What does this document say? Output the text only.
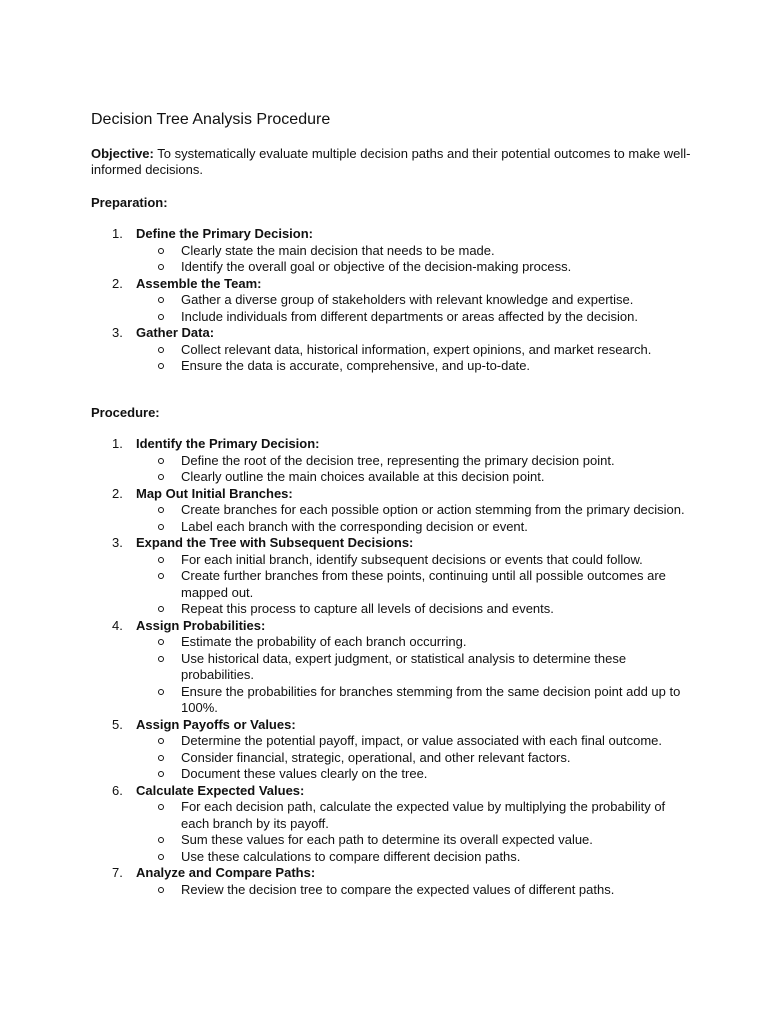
Decision Tree Analysis Procedure

Objective: To systematically evaluate multiple decision paths and their potential outcomes to make well-informed decisions.

Preparation:

1. Define the Primary Decision:
Clearly state the main decision that needs to be made.
Identify the overall goal or objective of the decision-making process.
2. Assemble the Team:
Gather a diverse group of stakeholders with relevant knowledge and expertise.
Include individuals from different departments or areas affected by the decision.
3. Gather Data:
Collect relevant data, historical information, expert opinions, and market research.
Ensure the data is accurate, comprehensive, and up-to-date.

Procedure:

1. Identify the Primary Decision:
Define the root of the decision tree, representing the primary decision point.
Clearly outline the main choices available at this decision point.
2. Map Out Initial Branches:
Create branches for each possible option or action stemming from the primary decision.
Label each branch with the corresponding decision or event.
3. Expand the Tree with Subsequent Decisions:
For each initial branch, identify subsequent decisions or events that could follow.
Create further branches from these points, continuing until all possible outcomes are mapped out.
Repeat this process to capture all levels of decisions and events.
4. Assign Probabilities:
Estimate the probability of each branch occurring.
Use historical data, expert judgment, or statistical analysis to determine these probabilities.
Ensure the probabilities for branches stemming from the same decision point add up to 100%.
5. Assign Payoffs or Values:
Determine the potential payoff, impact, or value associated with each final outcome.
Consider financial, strategic, operational, and other relevant factors.
Document these values clearly on the tree.
6. Calculate Expected Values:
For each decision path, calculate the expected value by multiplying the probability of each branch by its payoff.
Sum these values for each path to determine its overall expected value.
Use these calculations to compare different decision paths.
7. Analyze and Compare Paths:
Review the decision tree to compare the expected values of different paths.
